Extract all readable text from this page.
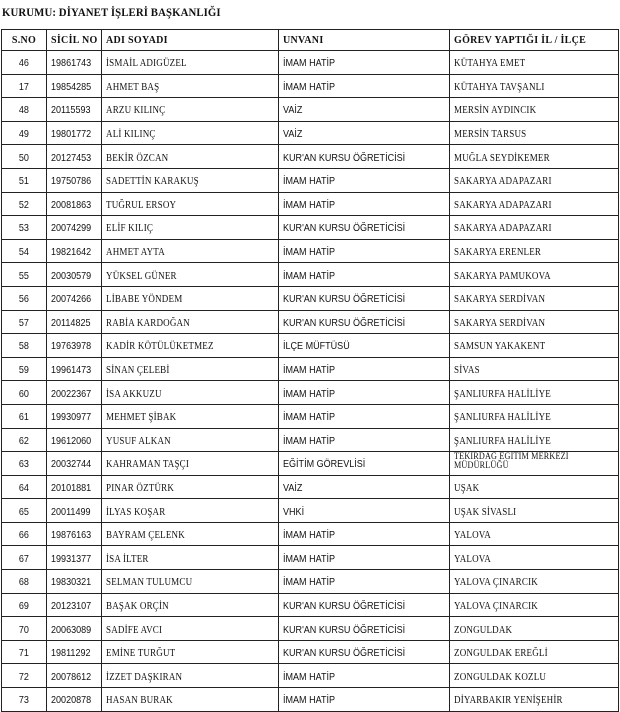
KURUMU: DİYANET İŞLERİ BAŞKANLIĞI
S.NO	SİCİL NO	ADI SOYADI	UNVANI	GÖREV YAPTIĞI İL / İLÇE
46	19861743	İSMAİL ADIGÜZEL	İMAM HATİP	KÜTAHYA EMET
17	19854285	AHMET BAŞ	İMAM HATİP	KÜTAHYA TAVŞANLI
48	20115593	ARZU KILINÇ	VAİZ	MERSİN AYDINCIK
49	19801772	ALİ KILINÇ	VAİZ	MERSİN TARSUS
50	20127453	BEKİR ÖZCAN	KUR'AN KURSU ÖĞRETİCİSİ	MUĞLA SEYDİKEMER
51	19750786	SADETTİN KARAKUŞ	İMAM HATİP	SAKARYA ADAPAZARI
52	20081863	TUĞRUL ERSOY	İMAM HATİP	SAKARYA ADAPAZARI
53	20074299	ELİF KILIÇ	KUR'AN KURSU ÖĞRETİCİSİ	SAKARYA ADAPAZARI
54	19821642	AHMET AYTA	İMAM HATİP	SAKARYA ERENLER
55	20030579	YÜKSEL GÜNER	İMAM HATİP	SAKARYA PAMUKOVA
56	20074266	LİBABE YÖNDEM	KUR'AN KURSU ÖĞRETİCİSİ	SAKARYA SERDİVAN
57	20114825	RABİA KARDOĞAN	KUR'AN KURSU ÖĞRETİCİSİ	SAKARYA SERDİVAN
58	19763978	KADİR KÖTÜLÜKETMEZ	İLÇE MÜFTÜSÜ	SAMSUN YAKAKENT
59	19961473	SİNAN ÇELEBİ	İMAM HATİP	SİVAS
60	20022367	İSA AKKUZU	İMAM HATİP	ŞANLIURFA HALİLİYE
61	19930977	MEHMET ŞİBAK	İMAM HATİP	ŞANLIURFA HALİLİYE
62	19612060	YUSUF ALKAN	İMAM HATİP	ŞANLIURFA HALİLİYE
63	20032744	KAHRAMAN TAŞÇI	EĞİTİM GÖREVLİSİ	TEKİRDAĞ EĞİTİM MERKEZİ MÜDÜRLÜĞÜ
64	20101881	PINAR ÖZTÜRK	VAİZ	UŞAK
65	20011499	İLYAS KOŞAR	VHKİ	UŞAK SİVASLI
66	19876163	BAYRAM ÇELENK	İMAM HATİP	YALOVA
67	19931377	İSA İLTER	İMAM HATİP	YALOVA
68	19830321	SELMAN TULUMCU	İMAM HATİP	YALOVA ÇINARCIK
69	20123107	BAŞAK ORÇİN	KUR'AN KURSU ÖĞRETİCİSİ	YALOVA ÇINARCIK
70	20063089	SADİFE AVCI	KUR'AN KURSU ÖĞRETİCİSİ	ZONGULDAK
71	19811292	EMİNE TURĞUT	KUR'AN KURSU ÖĞRETİCİSİ	ZONGULDAK EREĞLİ
72	20078612	İZZET DAŞKIRAN	İMAM HATİP	ZONGULDAK KOZLU
73	20020878	HASAN BURAK	İMAM HATİP	DİYARBAKIR YENİŞEHİR
